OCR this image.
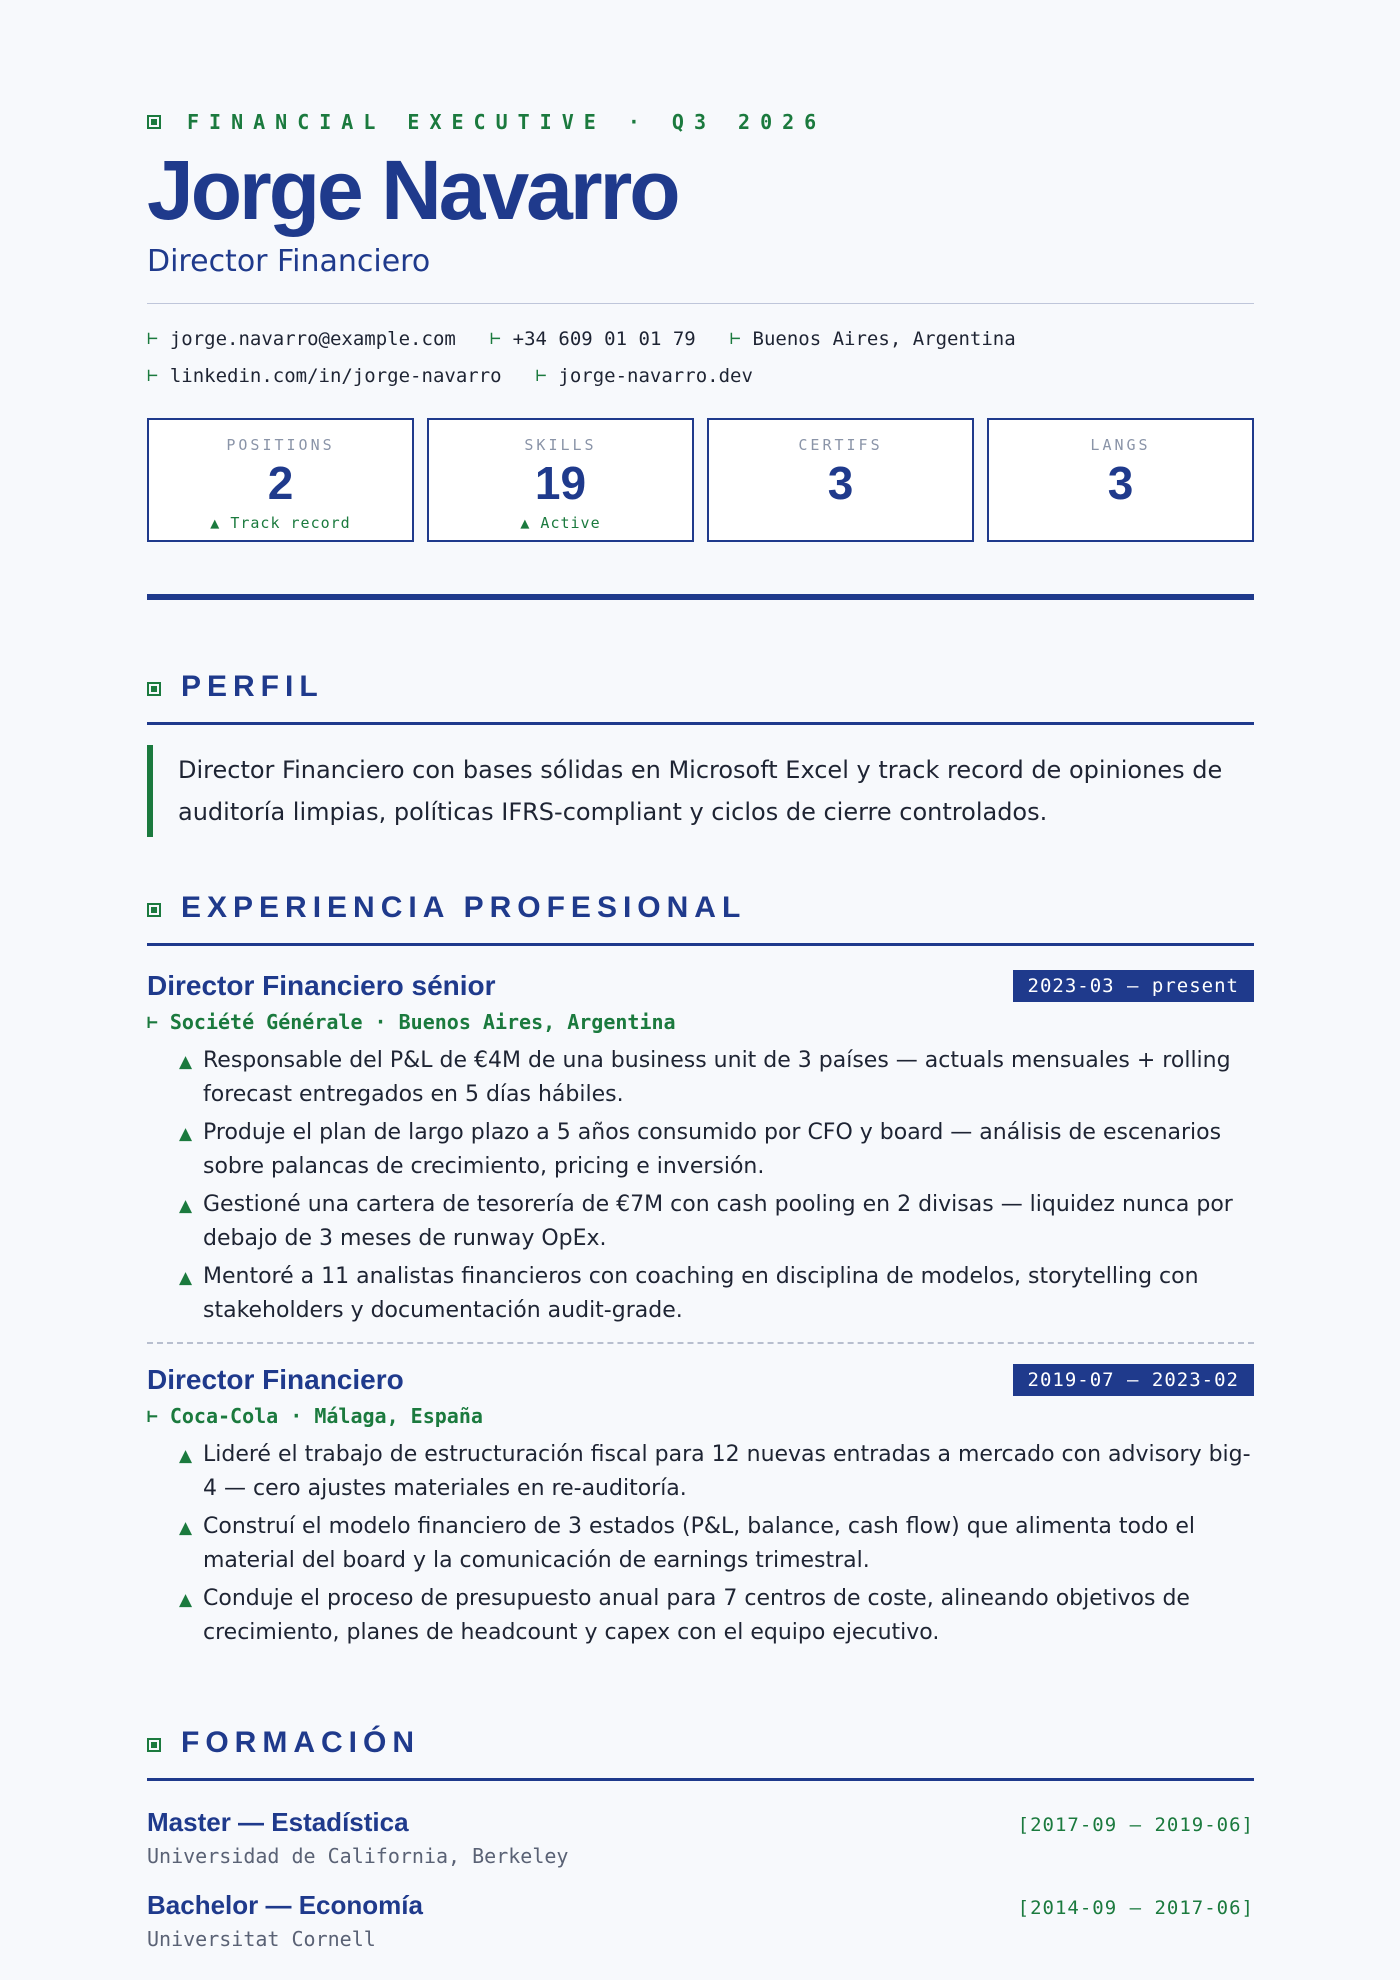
FINANCIAL EXECUTIVE · Q3 2026
Jorge Navarro
Director Financiero
⊢ jorge.navarro@example.com ⊢ +34 609 01 01 79 ⊢ Buenos Aires, Argentina
⊢ linkedin.com/in/jorge-navarro ⊢ jorge-navarro.dev
POSITIONS
2
▲ Track record
SKILLS
19
▲ Active
CERTIFS
3
LANGS
3
PERFIL
Director Financiero con bases sólidas en Microsoft Excel y track record de opiniones de auditoría limpias, políticas IFRS-compliant y ciclos de cierre controlados.
EXPERIENCIA PROFESIONAL
Director Financiero sénior	2023-03 — present
⊢ Société Générale · Buenos Aires, Argentina
▲ Responsable del P&L de €4M de una business unit de 3 países — actuals mensuales + rolling forecast entregados en 5 días hábiles.
▲ Produje el plan de largo plazo a 5 años consumido por CFO y board — análisis de escenarios sobre palancas de crecimiento, pricing e inversión.
▲ Gestioné una cartera de tesorería de €7M con cash pooling en 2 divisas — liquidez nunca por debajo de 3 meses de runway OpEx.
▲ Mentoré a 11 analistas financieros con coaching en disciplina de modelos, storytelling con stakeholders y documentación audit-grade.
Director Financiero	2019-07 — 2023-02
⊢ Coca-Cola · Málaga, España
▲ Lideré el trabajo de estructuración fiscal para 12 nuevas entradas a mercado con advisory big-4 — cero ajustes materiales en re-auditoría.
▲ Construí el modelo financiero de 3 estados (P&L, balance, cash flow) que alimenta todo el material del board y la comunicación de earnings trimestral.
▲ Conduje el proceso de presupuesto anual para 7 centros de coste, alineando objetivos de crecimiento, planes de headcount y capex con el equipo ejecutivo.
FORMACIÓN
Master — Estadística	[2017-09 – 2019-06]
Universidad de California, Berkeley
Bachelor — Economía	[2014-09 – 2017-06]
Universitat Cornell
